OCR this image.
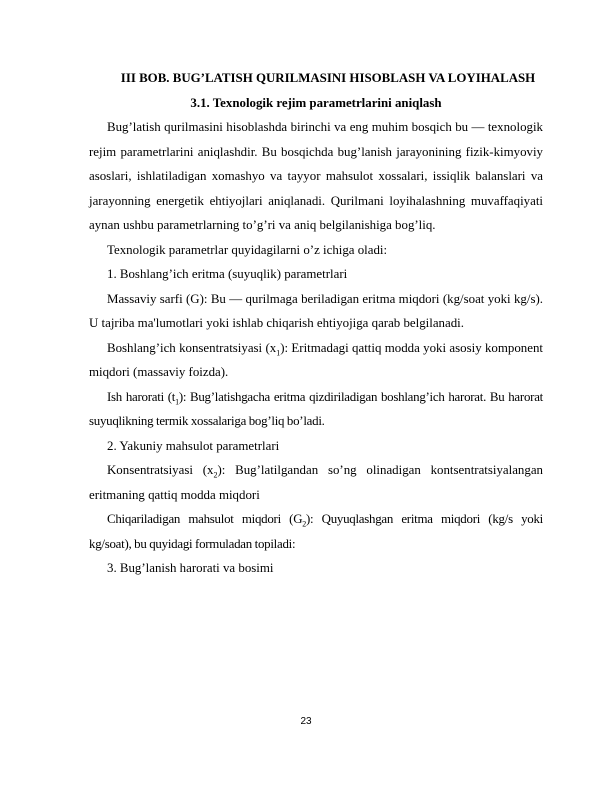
III BOB. BUG’LATISH QURILMASINI HISOBLASH VA LOYIHALASH
3.1. Texnologik rejim parametrlarini aniqlash

Bug’latish qurilmasini hisoblashda birinchi va eng muhim bosqich bu — texnologik rejim parametrlarini aniqlashdir. Bu bosqichda bug’lanish jarayonining fizik-kimyoviy asoslari, ishlatiladigan xomashyo va tayyor mahsulot xossalari, issiqlik balanslari va jarayonning energetik ehtiyojlari aniqlanadi. Qurilmani loyihalashning muvaffaqiyati aynan ushbu parametrlarning to’g’ri va aniq belgilanishiga bog’liq.

Texnologik parametrlar quyidagilarni o’z ichiga oladi:

1. Boshlang’ich eritma (suyuqlik) parametrlari

Massaviy sarfi (G): Bu — qurilmaga beriladigan eritma miqdori (kg/soat yoki kg/s). U tajriba ma'lumotlari yoki ishlab chiqarish ehtiyojiga qarab belgilanadi.

Boshlang’ich konsentratsiyasi $(x_1)$: Eritmadagi qattiq modda yoki asosiy komponent miqdori (massaviy foizda).

Ish harorati $(t_1)$: Bug’latishgacha eritma qizdiriladigan boshlang’ich harorat. Bu harorat suyuqlikning termik xossalariga bog’liq bo’ladi.

2. Yakuniy mahsulot parametrlari

Konsentratsiyasi $(x_2)$: Bug’latilgandan so’ng olinadigan kontsentratsiyalangan eritmaning qattiq modda miqdori

Chiqariladigan mahsulot miqdori $(G_2)$: Quyuqlashgan eritma miqdori (kg/s yoki kg/soat), bu quyidagi formuladan topiladi:

3. Bug’lanish harorati va bosimi

23
